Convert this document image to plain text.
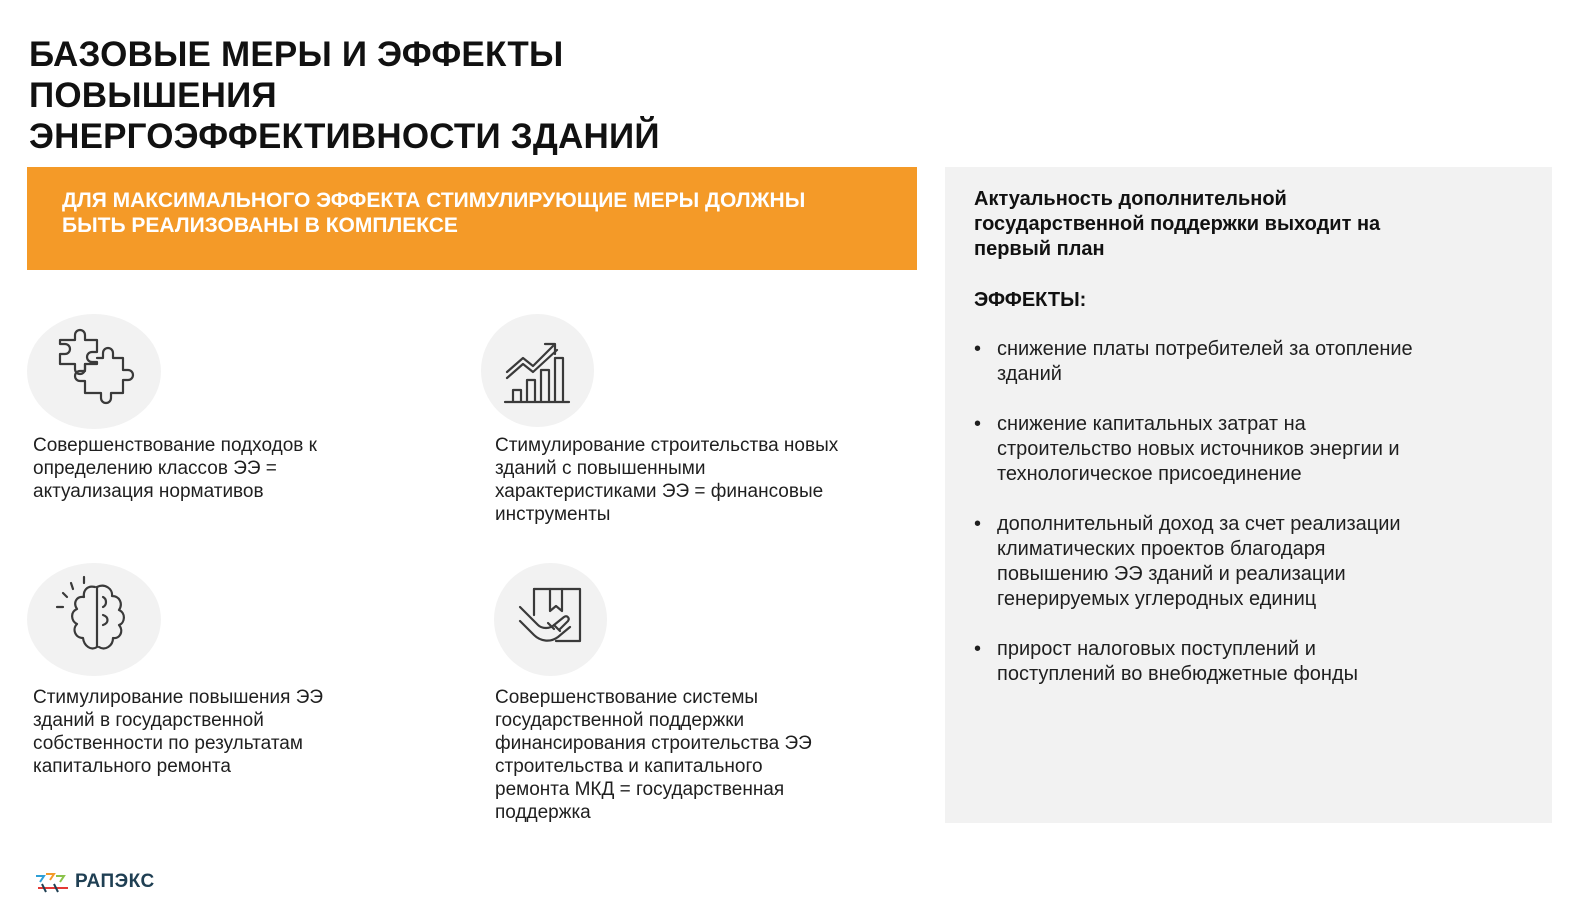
БАЗОВЫЕ МЕРЫ И ЭФФЕКТЫ
ПОВЫШЕНИЯ
ЭНЕРГОЭФФЕКТИВНОСТИ ЗДАНИЙ
ДЛЯ МАКСИМАЛЬНОГО ЭФФЕКТА СТИМУЛИРУЮЩИЕ МЕРЫ ДОЛЖНЫ
БЫТЬ РЕАЛИЗОВАНЫ В КОМПЛЕКСЕ
Совершенствование подходов к
определению классов ЭЭ =
актуализация нормативов
Стимулирование строительства новых
зданий с повышенными
характеристиками ЭЭ = финансовые
инструменты
Стимулирование повышения ЭЭ
зданий в государственной
собственности по результатам
капитального ремонта
Совершенствование системы
государственной поддержки
финансирования строительства ЭЭ
строительства и капитального
ремонта МКД = государственная
поддержка
Актуальность дополнительной
государственной поддержки выходит на
первый план
ЭФФЕКТЫ:
• снижение платы потребителей за отопление
зданий
• снижение капитальных затрат на
строительство новых источников энергии и
технологическое присоединение
• дополнительный доход за счет реализации
климатических проектов благодаря
повышению ЭЭ зданий и реализации
генерируемых углеродных единиц
• прирост налоговых поступлений и
поступлений во внебюджетные фонды
РАПЭКС
